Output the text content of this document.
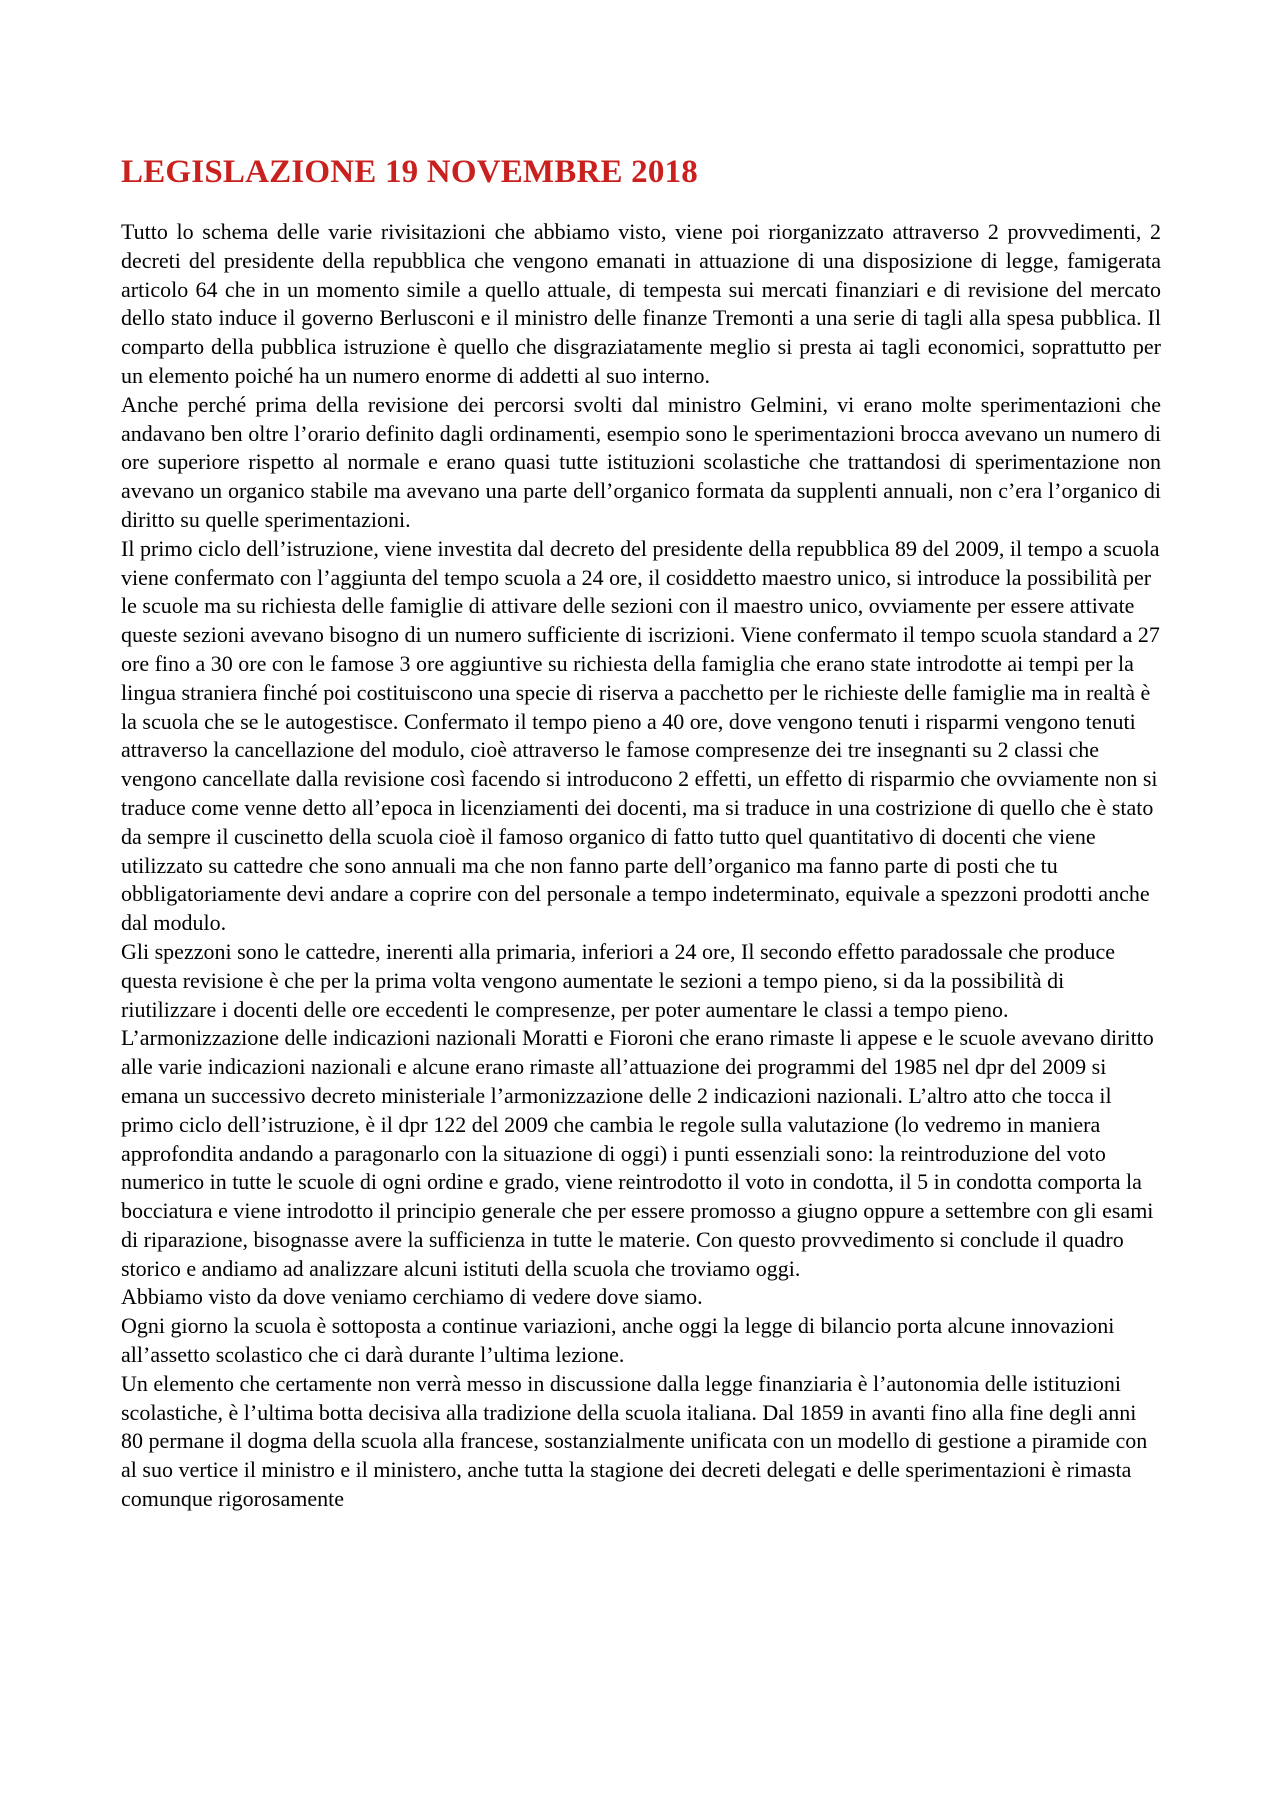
LEGISLAZIONE 19 NOVEMBRE 2018

Tutto lo schema delle varie rivisitazioni che abbiamo visto, viene poi riorganizzato attraverso 2 provvedimenti, 2 decreti del presidente della repubblica che vengono emanati in attuazione di una disposizione di legge, famigerata articolo 64 che in un momento simile a quello attuale, di tempesta sui mercati finanziari e di revisione del mercato dello stato induce il governo Berlusconi e il ministro delle finanze Tremonti a una serie di tagli alla spesa pubblica. Il comparto della pubblica istruzione è quello che disgraziatamente meglio si presta ai tagli economici, soprattutto per un elemento poiché ha un numero enorme di addetti al suo interno.

Anche perché prima della revisione dei percorsi svolti dal ministro Gelmini, vi erano molte sperimentazioni che andavano ben oltre l’orario definito dagli ordinamenti, esempio sono le sperimentazioni brocca avevano un numero di ore superiore rispetto al normale e erano quasi tutte istituzioni scolastiche che trattandosi di sperimentazione non avevano un organico stabile ma avevano una parte dell’organico formata da supplenti annuali, non c’era l’organico di diritto su quelle sperimentazioni.

Il primo ciclo dell’istruzione, viene investita dal decreto del presidente della repubblica 89 del 2009, il tempo a scuola viene confermato con l’aggiunta del tempo scuola a 24 ore, il cosiddetto maestro unico, si introduce la possibilità per le scuole ma su richiesta delle famiglie di attivare delle sezioni con il maestro unico, ovviamente per essere attivate queste sezioni avevano bisogno di un numero sufficiente di iscrizioni. Viene confermato il tempo scuola standard a 27 ore fino a 30 ore con le famose 3 ore aggiuntive su richiesta della famiglia che erano state introdotte ai tempi per la lingua straniera finché poi costituiscono una specie di riserva a pacchetto per le richieste delle famiglie ma in realtà è la scuola che se le autogestisce. Confermato il tempo pieno a 40 ore, dove vengono tenuti i risparmi vengono tenuti attraverso la cancellazione del modulo, cioè attraverso le famose compresenze dei tre insegnanti su 2 classi che vengono cancellate dalla revisione così facendo si introducono 2 effetti, un effetto di risparmio che ovviamente non si traduce come venne detto all’epoca in licenziamenti dei docenti, ma si traduce in una costrizione di quello che è stato da sempre il cuscinetto della scuola cioè il famoso organico di fatto tutto quel quantitativo di docenti che viene utilizzato su cattedre che sono annuali ma che non fanno parte dell’organico ma fanno parte di posti che tu obbligatoriamente devi andare a coprire con del personale a tempo indeterminato, equivale a spezzoni prodotti anche dal modulo.

Gli spezzoni sono le cattedre, inerenti alla primaria, inferiori a 24 ore, Il secondo effetto paradossale che produce questa revisione è che per la prima volta vengono aumentate le sezioni a tempo pieno, si da la possibilità di riutilizzare i docenti delle ore eccedenti le compresenze, per poter aumentare le classi a tempo pieno. L’armonizzazione delle indicazioni nazionali Moratti e Fioroni che erano rimaste li appese e le scuole avevano diritto alle varie indicazioni nazionali e alcune erano rimaste all’attuazione dei programmi del 1985 nel dpr del 2009 si emana un successivo decreto ministeriale l’armonizzazione delle 2 indicazioni nazionali. L’altro atto che tocca il primo ciclo dell’istruzione, è il dpr 122 del 2009 che cambia le regole sulla valutazione (lo vedremo in maniera approfondita andando a paragonarlo con la situazione di oggi) i punti essenziali sono: la reintroduzione del voto numerico in tutte le scuole di ogni ordine e grado, viene reintrodotto il voto in condotta, il 5 in condotta comporta la bocciatura e viene introdotto il principio generale che per essere promosso a giugno oppure a settembre con gli esami di riparazione, bisognasse avere la sufficienza in tutte le materie. Con questo provvedimento si conclude il quadro storico e andiamo ad analizzare alcuni istituti della scuola che troviamo oggi.

Abbiamo visto da dove veniamo cerchiamo di vedere dove siamo.

Ogni giorno la scuola è sottoposta a continue variazioni, anche oggi la legge di bilancio porta alcune innovazioni all’assetto scolastico che ci darà durante l’ultima lezione.

Un elemento che certamente non verrà messo in discussione dalla legge finanziaria è l’autonomia delle istituzioni scolastiche, è l’ultima botta decisiva alla tradizione della scuola italiana. Dal 1859 in avanti fino alla fine degli anni 80 permane il dogma della scuola alla francese, sostanzialmente unificata con un modello di gestione a piramide con al suo vertice il ministro e il ministero, anche tutta la stagione dei decreti delegati e delle sperimentazioni è rimasta comunque rigorosamente
